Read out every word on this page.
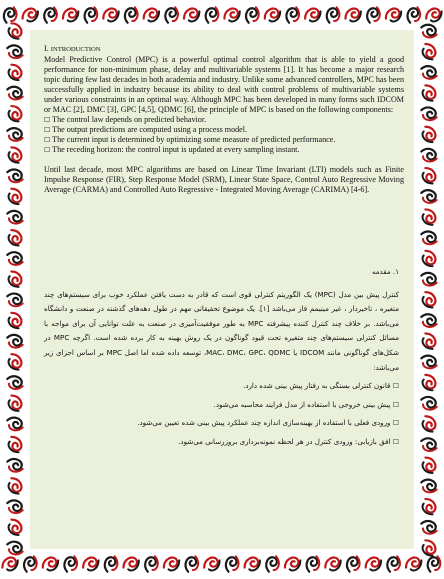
I. INTRODUCTION

Model Predictive Control (MPC) is a powerful optimal control algorithm that is able to yield a good performance for non-minimum phase, delay and multivariable systems [1]. It has become a major research topic during few last decades in both academia and industry. Unlike some advanced controllers, MPC has been successfully applied in industry because its ability to deal with control problems of multivariable systems under various constraints in an optimal way. Although MPC has been developed in many forms such IDCOM or MAC [2], DMC [3], GPC [4,5], QDMC [6], the principle of MPC is based on the following components:

☐ The control law depends on predicted behavior.

☐ The output predictions are computed using a process model.

☐ The current input is determined by optimizing some measure of predicted performance.

☐ The receding horizon: the control input is updated at every sampling instant.

Until last decade, most MPC algorithms are based on Linear Time Invariant (LTI) models such as Finite Impulse Response (FIR), Step Response Model (SRM), Linear State Space, Control Auto Regressive Moving Average (CARMA) and Controlled Auto Regressive - Integrated Moving Average (CARIMA) [4-6].

۱. مقدمه

کنترل پیش بین مدل (MPC) یک الگوریتم کنترلی قوی است که قادر به دست یافتن عملکرد خوب برای سیستم‌های چند متغیره ، تاخیردار ، غیر مینیمم فاز می‌باشد [۱]. یک موضوع تحقیقاتی مهم در طول دهه‌های گذشته در صنعت و دانشگاه می‌باشد. بر خلاف چند کنترل کننده پیشرفته MPC به طور موفقیت‌آمیزی در صنعت به علت توانایی آن برای مواجه با مسائل کنترلی سیستم‌های چند متغیره تحت قیود گوناگون در یک روش بهینه به کار برده شده است. اگرچه MPC در شکل‌های گوناگونی مانند IDCOM یا MAC، DMC، GPC، QDMC، توسعه داده شده اما اصل MPC بر اساس اجزای زیر می‌باشد:

☐ قانون کنترلی بستگی به رفتار پیش بینی شده دارد.

☐ پیش بینی خروجی با استفاده از مدل فرایند محاسبه می‌شود.

☐ ورودی فعلی با استفاده از بهینه‌سازی اندازه چند عملکرد پیش بینی شده تعیین می‌شود.

☐ افق بازیابی: ورودی کنترل در هر لحظه نمونه‌برداری بروزرسانی می‌شود.
